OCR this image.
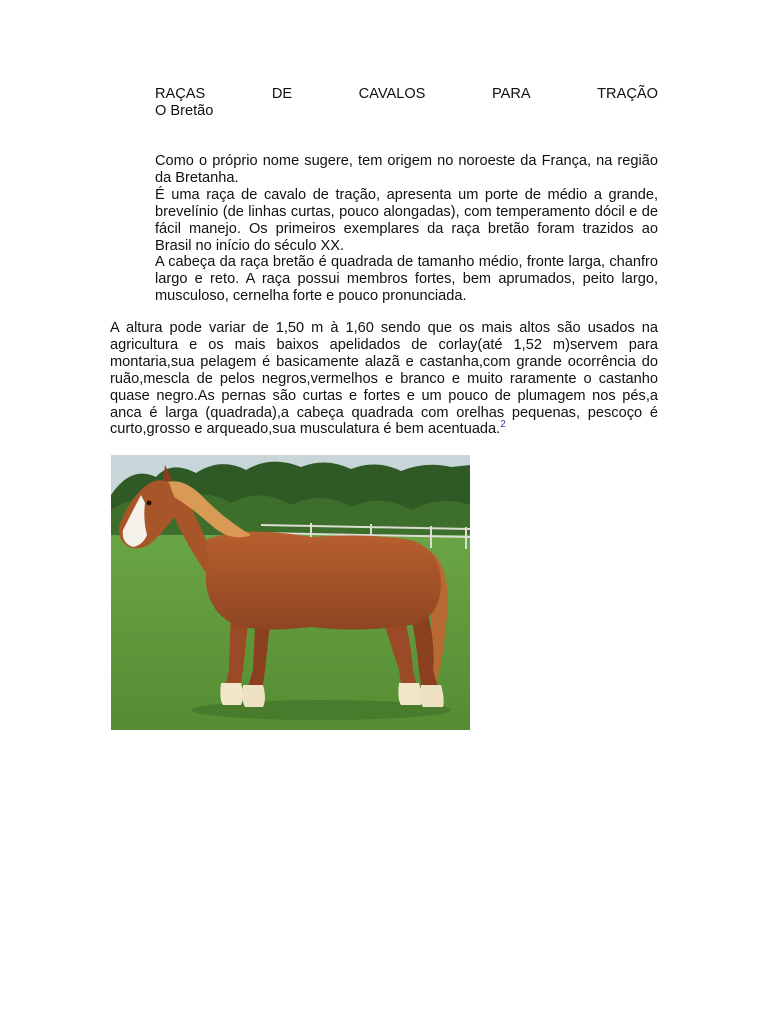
RAÇAS	DE	CAVALOS	PARA	TRAÇÃO
O Bretão
Como o próprio nome sugere, tem origem no noroeste da França, na região da Bretanha.
É uma raça de cavalo de tração, apresenta um porte de médio a grande, brevelínio (de linhas curtas, pouco alongadas), com temperamento dócil e de fácil manejo. Os primeiros exemplares da raça bretão foram trazidos ao Brasil no início do século XX.
A cabeça da raça bretão é quadrada de tamanho médio, fronte larga, chanfro largo e reto. A raça possui membros fortes, bem aprumados, peito largo, musculoso, cernelha forte e pouco pronunciada.
A altura pode variar de 1,50 m à 1,60 sendo que os mais altos são usados na agricultura e os mais baixos apelidados de corlay(até 1,52 m)servem para montaria,sua pelagem é basicamente alazã e castanha,com grande ocorrência do ruão,mescla de pelos negros,vermelhos e branco e muito raramente o castanho quase negro.As pernas são curtas e fortes e um pouco de plumagem nos pés,a anca é larga (quadrada),a cabeça quadrada com orelhas pequenas, pescoço é curto,grosso e arqueado,sua musculatura é bem acentuada.$^2$
